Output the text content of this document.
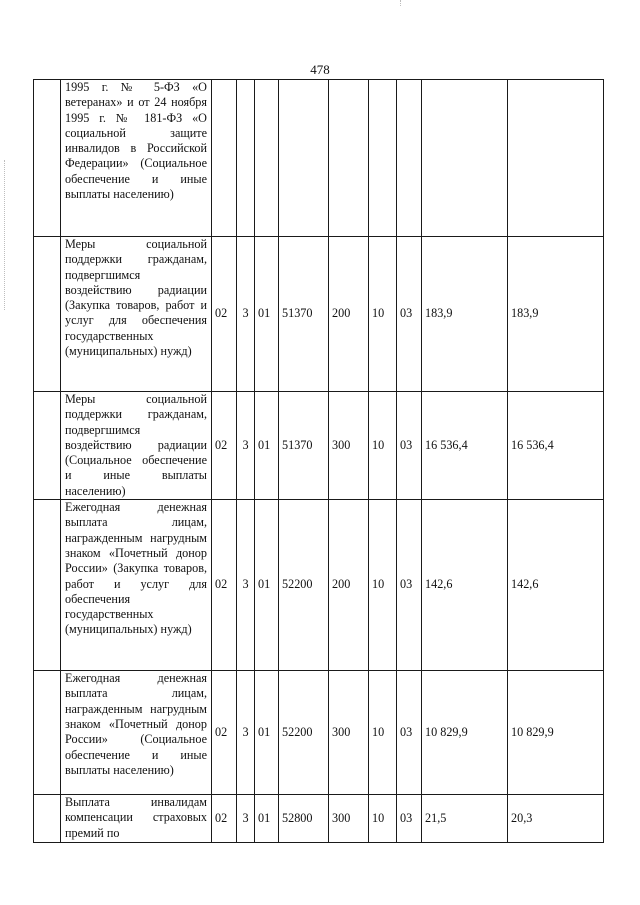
478
	1995 г. № 5-ФЗ «О ветеранах» и от 24 ноября 1995 г. № 181-ФЗ «О социальной защите инвалидов в Российской Федерации» (Социальное обеспечение и иные выплаты населению)									
	Меры социальной поддержки гражданам, подвергшимся воздействию радиации (Закупка товаров, работ и услуг для обеспечения государственных (муниципальных) нужд)	02	3	01	51370	200	10	03	183,9	183,9
	Меры социальной поддержки гражданам, подвергшимся воздействию радиации (Социальное обеспечение и иные выплаты населению)	02	3	01	51370	300	10	03	16 536,4	16 536,4
	Ежегодная денежная выплата лицам, награжденным нагрудным знаком «Почетный донор России» (Закупка товаров, работ и услуг для обеспечения государственных (муниципальных) нужд)	02	3	01	52200	200	10	03	142,6	142,6
	Ежегодная денежная выплата лицам, награжденным нагрудным знаком «Почетный донор России» (Социальное обеспечение и иные выплаты населению)	02	3	01	52200	300	10	03	10 829,9	10 829,9
	Выплата инвалидам компенсации страховых премий по	02	3	01	52800	300	10	03	21,5	20,3
